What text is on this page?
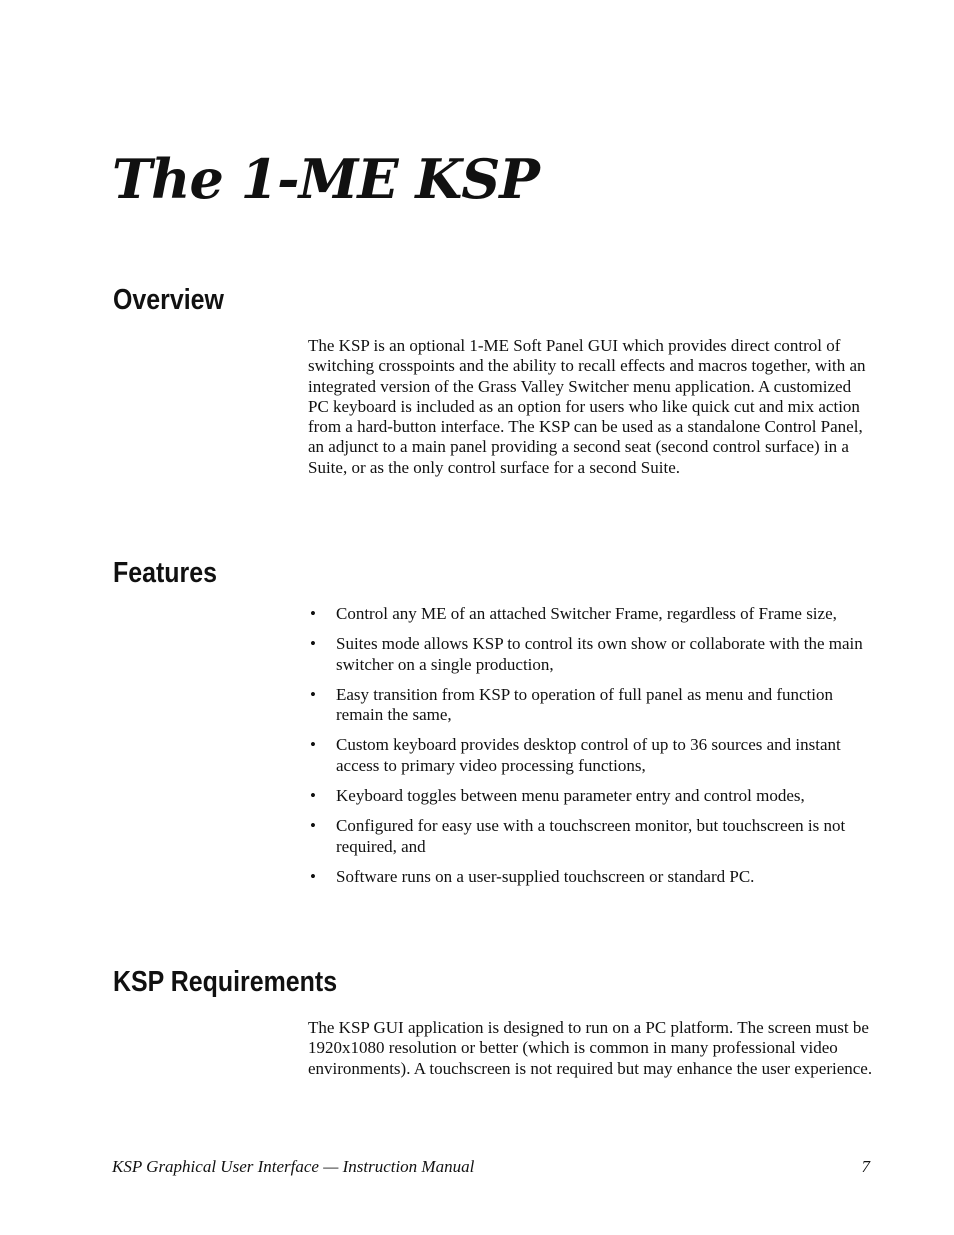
The 1-ME KSP
Overview

The KSP is an optional 1-ME Soft Panel GUI which provides direct control of switching crosspoints and the ability to recall effects and macros together, with an integrated version of the Grass Valley Switcher menu application. A customized PC keyboard is included as an option for users who like quick cut and mix action from a hard-button interface. The KSP can be used as a standalone Control Panel, an adjunct to a main panel providing a second seat (second control surface) in a Suite, or as the only control surface for a second Suite.

Features
• Control any ME of an attached Switcher Frame, regardless of Frame size,
• Suites mode allows KSP to control its own show or collaborate with the main switcher on a single production,
• Easy transition from KSP to operation of full panel as menu and function remain the same,
• Custom keyboard provides desktop control of up to 36 sources and instant access to primary video processing functions,
• Keyboard toggles between menu parameter entry and control modes,
• Configured for easy use with a touchscreen monitor, but touchscreen is not required, and
• Software runs on a user-supplied touchscreen or standard PC.
KSP Requirements

The KSP GUI application is designed to run on a PC platform. The screen must be 1920x1080 resolution or better (which is common in many professional video environments). A touchscreen is not required but may enhance the user experience.

KSP Graphical User Interface — Instruction Manual	7
